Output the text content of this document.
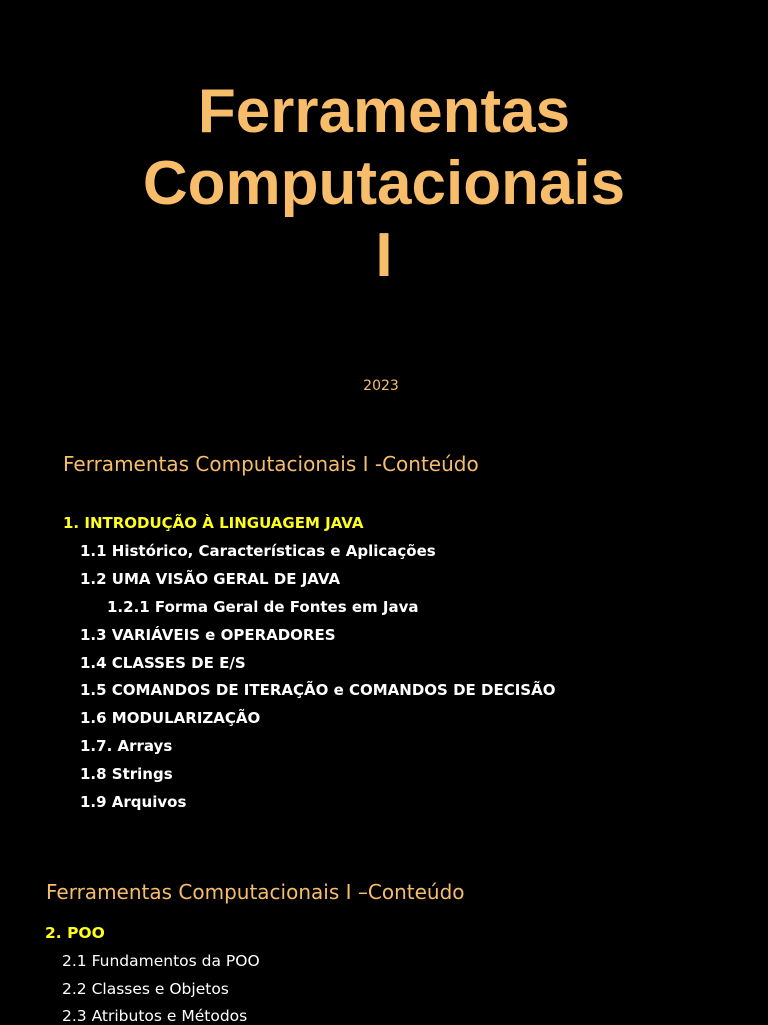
Ferramentas
Computacionais
I
2023
Ferramentas Computacionais I -Conteúdo
1. INTRODUÇÃO À LINGUAGEM JAVA
1.1 Histórico, Características e Aplicações
1.2 UMA VISÃO GERAL DE JAVA
1.2.1 Forma Geral de Fontes em Java
1.3 VARIÁVEIS e OPERADORES
1.4 CLASSES DE E/S
1.5 COMANDOS DE ITERAÇÃO e COMANDOS DE DECISÃO
1.6 MODULARIZAÇÃO
1.7. Arrays
1.8 Strings
1.9 Arquivos
Ferramentas Computacionais I –Conteúdo
2. POO
2.1 Fundamentos da POO
2.2 Classes e Objetos
2.3 Atributos e Métodos
